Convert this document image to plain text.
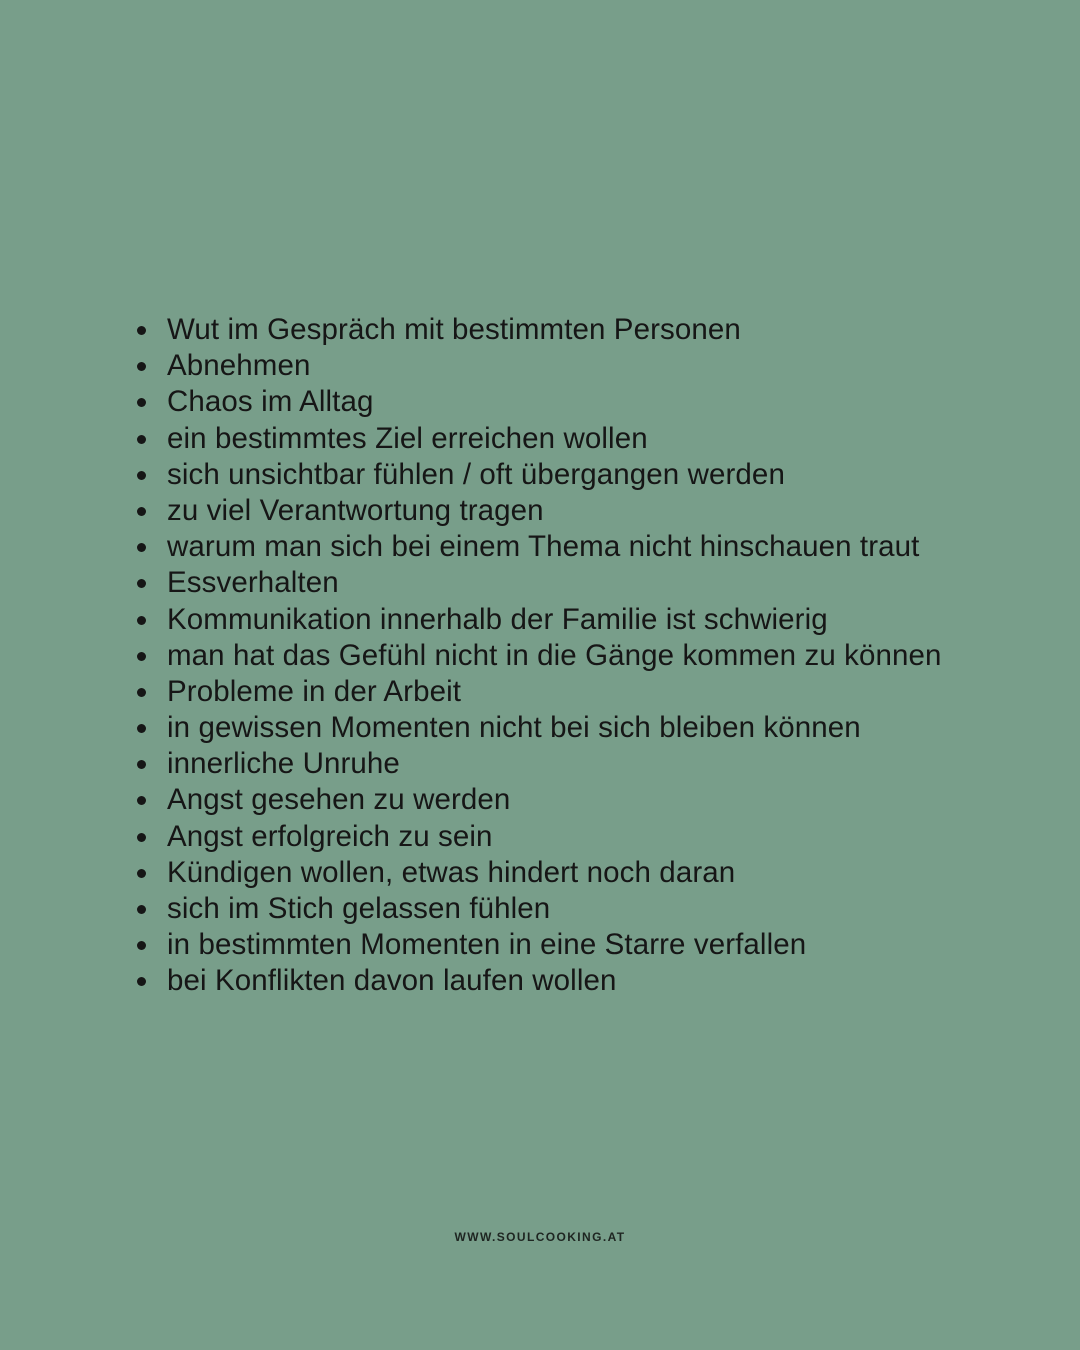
Wut im Gespräch mit bestimmten Personen
Abnehmen
Chaos im Alltag
ein bestimmtes Ziel erreichen wollen
sich unsichtbar fühlen / oft übergangen werden
zu viel Verantwortung tragen
warum man sich bei einem Thema nicht hinschauen traut
Essverhalten
Kommunikation innerhalb der Familie ist schwierig
man hat das Gefühl nicht in die Gänge kommen zu können
Probleme in der Arbeit
in gewissen Momenten nicht bei sich bleiben können
innerliche Unruhe
Angst gesehen zu werden
Angst erfolgreich zu sein
Kündigen wollen, etwas hindert noch daran
sich im Stich gelassen fühlen
in bestimmten Momenten in eine Starre verfallen
bei Konflikten davon laufen wollen
WWW.SOULCOOKING.AT
